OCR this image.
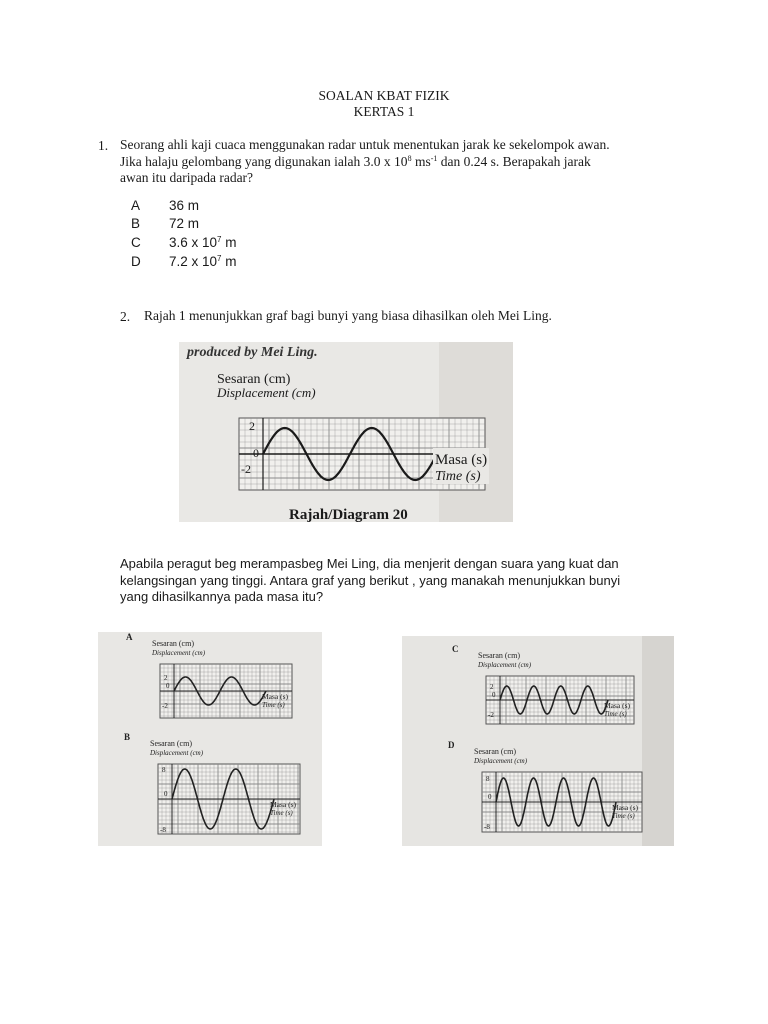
SOALAN KBAT FIZIK
KERTAS 1
1. Seorang ahli kaji cuaca menggunakan radar untuk menentukan jarak ke sekelompok awan.
Jika halaju gelombang yang digunakan ialah 3.0 x $10^8$ $ms^{-1}$ dan 0.24 s. Berapakah jarak
awan itu daripada radar?
A 36 m
B 72 m
C 3.6 x $10^7$ m
D 7.2 x $10^7$ m
2. Rajah 1 menunjukkan graf bagi bunyi yang biasa dihasilkan oleh Mei Ling.
produced by Mei Ling.
Sesaran (cm)
Displacement (cm)
2
0
-2
Masa (s)
Time (s)
Rajah/Diagram 20
Apabila peragut beg merampasbeg Mei Ling, dia menjerit dengan suara yang kuat dan
kelangsingan yang tinggi. Antara graf yang berikut , yang manakah menunjukkan bunyi
yang dihasilkannya pada masa itu?
A
Sesaran (cm)
Displacement (cm)
2
0
-2
Masa (s)
Time (s)
B
Sesaran (cm)
Displacement (cm)
8
0
-8
Masa (s)
Time (s)
C
Sesaran (cm)
Displacement (cm)
2
0
-2
Masa (s)
Time (s)
D
Sesaran (cm)
Displacement (cm)
8
0
-8
Masa (s)
Time (s)
